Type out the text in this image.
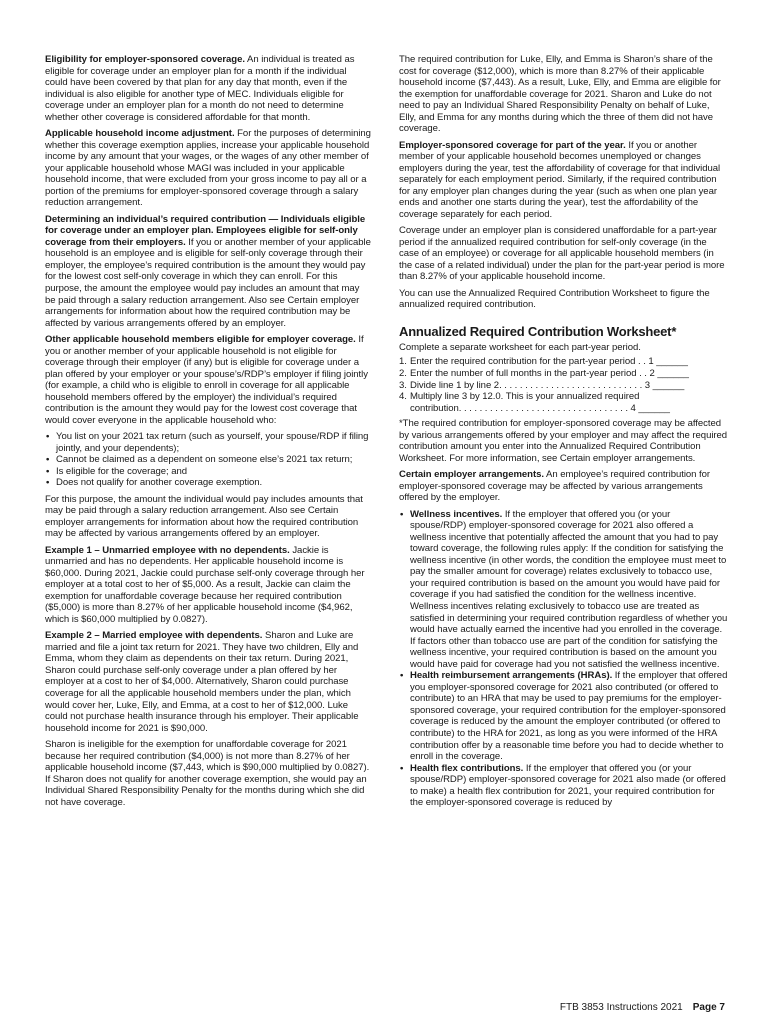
Eligibility for employer-sponsored coverage. An individual is treated as eligible for coverage under an employer plan for a month if the individual could have been covered by that plan for any day that month, even if the individual is also eligible for another type of MEC. Individuals eligible for coverage under an employer plan for a month do not need to determine whether other coverage is considered affordable for that month.

Applicable household income adjustment. For the purposes of determining whether this coverage exemption applies, increase your applicable household income by any amount that your wages, or the wages of any other member of your applicable household whose MAGI was included in your applicable household income, that were excluded from your gross income to pay all or a portion of the premiums for employer-sponsored coverage through a salary reduction arrangement.

Determining an individual’s required contribution — Individuals eligible for coverage under an employer plan. Employees eligible for self-only coverage from their employers. If you or another member of your applicable household is an employee and is eligible for self-only coverage through their employer, the employee’s required contribution is the amount they would pay for the lowest cost self-only coverage in which they can enroll. For this purpose, the amount the employee would pay includes an amount that may be paid through a salary reduction arrangement. Also see Certain employer arrangements for information about how the required contribution may be affected by various arrangements offered by an employer.

Other applicable household members eligible for employer coverage. If you or another member of your applicable household is not eligible for coverage through their employer (if any) but is eligible for coverage under a plan offered by your employer or your spouse’s/RDP’s employer if filing jointly (for example, a child who is eligible to enroll in coverage for all applicable household members offered by the employer) the individual’s required contribution is the amount they would pay for the lowest cost coverage that would cover everyone in the applicable household who:

• You list on your 2021 tax return (such as yourself, your spouse/RDP if filing jointly, and your dependents);
• Cannot be claimed as a dependent on someone else’s 2021 tax return;
• Is eligible for the coverage; and
• Does not qualify for another coverage exemption.

For this purpose, the amount the individual would pay includes amounts that may be paid through a salary reduction arrangement. Also see Certain employer arrangements for information about how the required contribution may be affected by various arrangements offered by an employer.

Example 1 – Unmarried employee with no dependents. Jackie is unmarried and has no dependents. Her applicable household income is $60,000. During 2021, Jackie could purchase self-only coverage through her employer at a total cost to her of $5,000. As a result, Jackie can claim the exemption for unaffordable coverage because her required contribution ($5,000) is more than 8.27% of her applicable household income ($4,962, which is $60,000 multiplied by 0.0827).

Example 2 – Married employee with dependents. Sharon and Luke are married and file a joint tax return for 2021. They have two children, Elly and Emma, whom they claim as dependents on their tax return. During 2021, Sharon could purchase self-only coverage under a plan offered by her employer at a cost to her of $4,000. Alternatively, Sharon could purchase coverage for all the applicable household members under the plan, which would cover her, Luke, Elly, and Emma, at a cost to her of $12,000. Luke could not purchase health insurance through his employer. Their applicable household income for 2021 is $90,000.

Sharon is ineligible for the exemption for unaffordable coverage for 2021 because her required contribution ($4,000) is not more than 8.27% of her applicable household income ($7,443, which is $90,000 multiplied by 0.0827). If Sharon does not qualify for another coverage exemption, she would pay an Individual Shared Responsibility Penalty for the months during which she did not have coverage.

The required contribution for Luke, Elly, and Emma is Sharon’s share of the cost for coverage ($12,000), which is more than 8.27% of their applicable household income ($7,443). As a result, Luke, Elly, and Emma are eligible for the exemption for unaffordable coverage for 2021. Sharon and Luke do not need to pay an Individual Shared Responsibility Penalty on behalf of Luke, Elly, and Emma for any months during which the three of them did not have coverage.

Employer-sponsored coverage for part of the year. If you or another member of your applicable household becomes unemployed or changes employers during the year, test the affordability of coverage for that individual separately for each employment period. Similarly, if the required contribution for any employer plan changes during the year (such as when one plan year ends and another one starts during the year), test the affordability of the coverage separately for each period.

Coverage under an employer plan is considered unaffordable for a part-year period if the annualized required contribution for self-only coverage (in the case of an employee) or coverage for all applicable household members (in the case of a related individual) under the plan for the part-year period is more than 8.27% of your applicable household income.

You can use the Annualized Required Contribution Worksheet to figure the annualized required contribution.

Annualized Required Contribution Worksheet*

Complete a separate worksheet for each part-year period.

1. Enter the required contribution for the part-year period . . 1 ______
2. Enter the number of full months in the part-year period . . 2 ______
3. Divide line 1 by line 2. . . . . . . . . . . . . . . . . . . . . . . . . . . . 3 ______
4. Multiply line 3 by 12.0. This is your annualized required
contribution. . . . . . . . . . . . . . . . . . . . . . . . . . . . . . . . . 4 ______

*The required contribution for employer-sponsored coverage may be affected by various arrangements offered by your employer and may affect the required contribution amount you enter into the Annualized Required Contribution Worksheet. For more information, see Certain employer arrangements.

Certain employer arrangements. An employee’s required contribution for employer-sponsored coverage may be affected by various arrangements offered by the employer.

• Wellness incentives. If the employer that offered you (or your spouse/RDP) employer-sponsored coverage for 2021 also offered a wellness incentive that potentially affected the amount that you had to pay toward coverage, the following rules apply: If the condition for satisfying the wellness incentive (in other words, the condition the employee must meet to pay the smaller amount for coverage) relates exclusively to tobacco use, your required contribution is based on the amount you would have paid for coverage if you had satisfied the condition for the wellness incentive. Wellness incentives relating exclusively to tobacco use are treated as satisfied in determining your required contribution regardless of whether you would have actually earned the incentive had you enrolled in the coverage. If factors other than tobacco use are part of the condition for satisfying the wellness incentive, your required contribution is based on the amount you would have paid for coverage had you not satisfied the wellness incentive.
• Health reimbursement arrangements (HRAs). If the employer that offered you employer-sponsored coverage for 2021 also contributed (or offered to contribute) to an HRA that may be used to pay premiums for the employer-sponsored coverage, your required contribution for the employer-sponsored coverage is reduced by the amount the employer contributed (or offered to contribute) to the HRA for 2021, as long as you were informed of the HRA contribution offer by a reasonable time before you had to decide whether to enroll in the coverage.
• Health flex contributions. If the employer that offered you (or your spouse/RDP) employer-sponsored coverage for 2021 also made (or offered to make) a health flex contribution for 2021, your required contribution for the employer-sponsored coverage is reduced by
FTB 3853 Instructions 2021 Page 7
